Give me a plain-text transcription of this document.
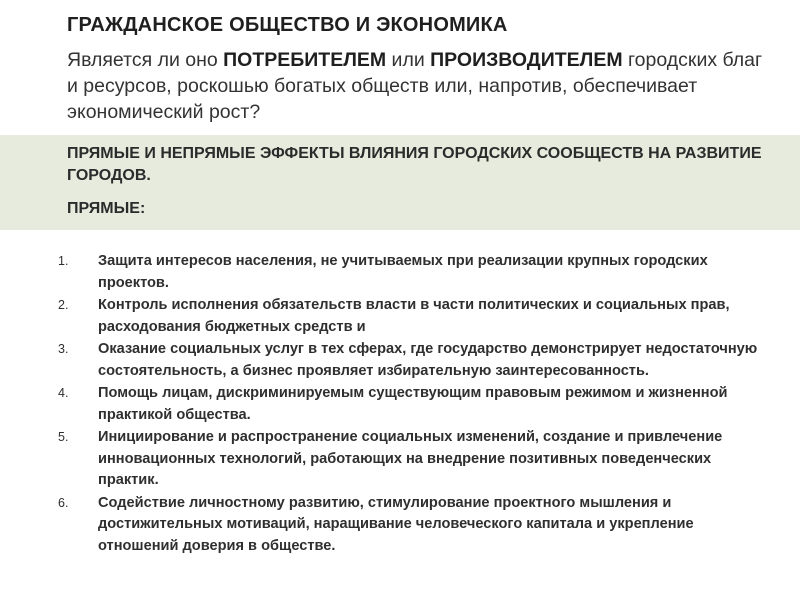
ГРАЖДАНСКОЕ ОБЩЕСТВО И ЭКОНОМИКА
Является ли оно ПОТРЕБИТЕЛЕМ или ПРОИЗВОДИТЕЛЕМ городских благ и ресурсов, роскошью богатых обществ или, напротив, обеспечивает экономический рост?
ПРЯМЫЕ И НЕПРЯМЫЕ ЭФФЕКТЫ ВЛИЯНИЯ ГОРОДСКИХ СООБЩЕСТВ НА РАЗВИТИЕ ГОРОДОВ.
ПРЯМЫЕ:
1. Защита интересов населения, не учитываемых при реализации крупных городских проектов.
2. Контроль исполнения обязательств власти в части политических и социальных прав, расходования бюджетных средств и
3. Оказание социальных услуг в тех сферах, где государство демонстрирует недостаточную состоятельность, а бизнес проявляет избирательную заинтересованность.
4. Помощь лицам, дискриминируемым существующим правовым режимом и жизненной практикой общества.
5. Инициирование и распространение социальных изменений, создание и привлечение инновационных технологий, работающих на внедрение позитивных поведенческих практик.
6. Содействие личностному развитию, стимулирование проектного мышления и достижительных мотиваций, наращивание человеческого капитала и укрепление отношений доверия в обществе.
